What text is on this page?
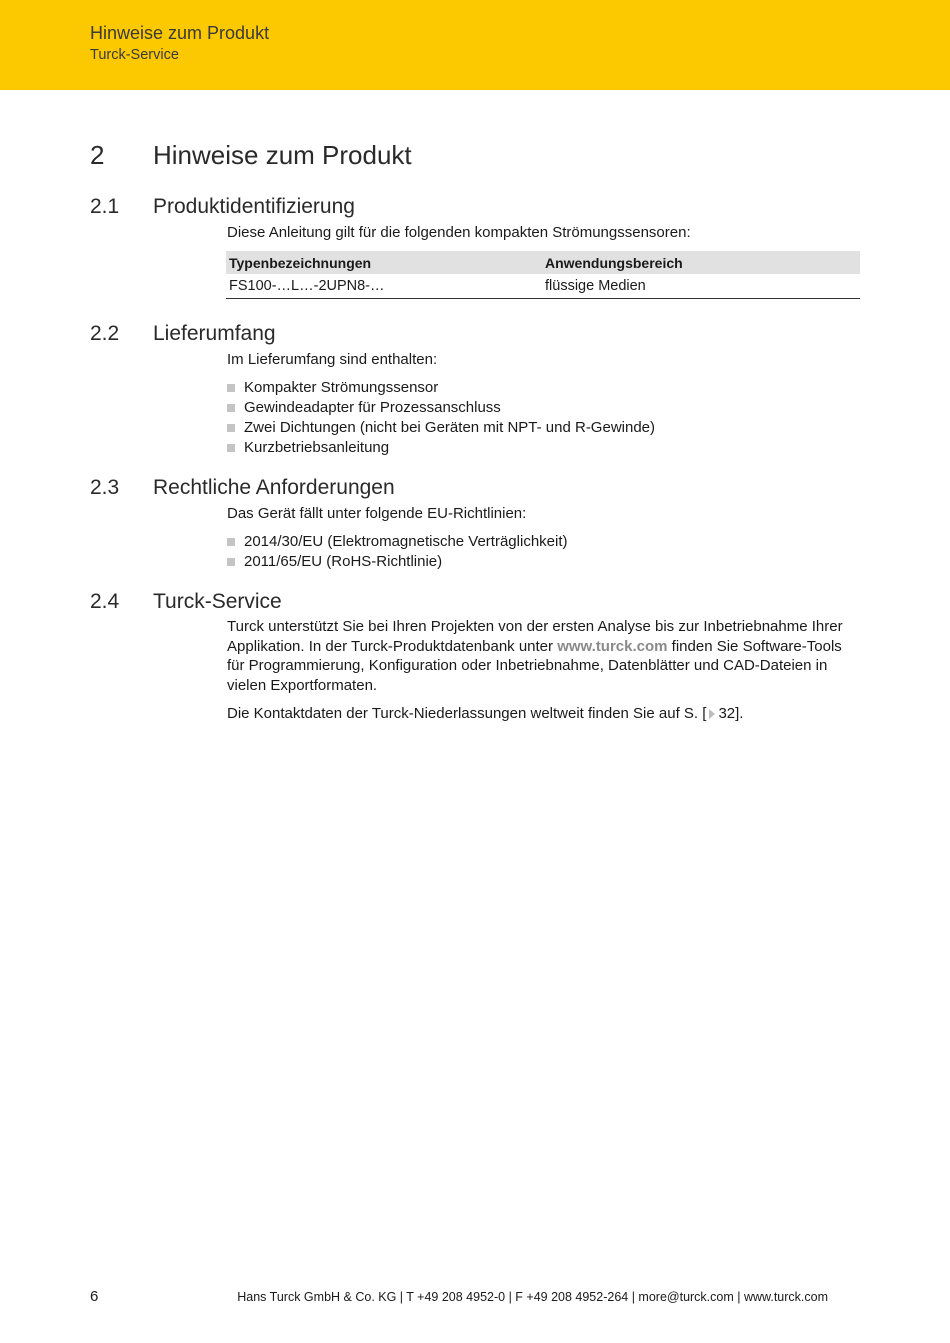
Hinweise zum Produkt
Turck-Service
2 Hinweise zum Produkt
2.1 Produktidentifizierung
Diese Anleitung gilt für die folgenden kompakten Strömungssensoren:
Typenbezeichnungen	Anwendungsbereich
FS100-…L…-2UPN8-…	flüssige Medien
2.2 Lieferumfang
Im Lieferumfang sind enthalten:
Kompakter Strömungssensor
Gewindeadapter für Prozessanschluss
Zwei Dichtungen (nicht bei Geräten mit NPT- und R-Gewinde)
Kurzbetriebsanleitung
2.3 Rechtliche Anforderungen
Das Gerät fällt unter folgende EU-Richtlinien:
2014/30/EU (Elektromagnetische Verträglichkeit)
2011/65/EU (RoHS-Richtlinie)
2.4 Turck-Service
Turck unterstützt Sie bei Ihren Projekten von der ersten Analyse bis zur Inbetriebnahme Ihrer Applikation. In der Turck-Produktdatenbank unter www.turck.com finden Sie Software-Tools für Programmierung, Konfiguration oder Inbetriebnahme, Datenblätter und CAD-Dateien in vielen Exportformaten.
Die Kontaktdaten der Turck-Niederlassungen weltweit finden Sie auf S. [ 32].
6	Hans Turck GmbH & Co. KG | T +49 208 4952-0 | F +49 208 4952-264 | more@turck.com | www.turck.com
